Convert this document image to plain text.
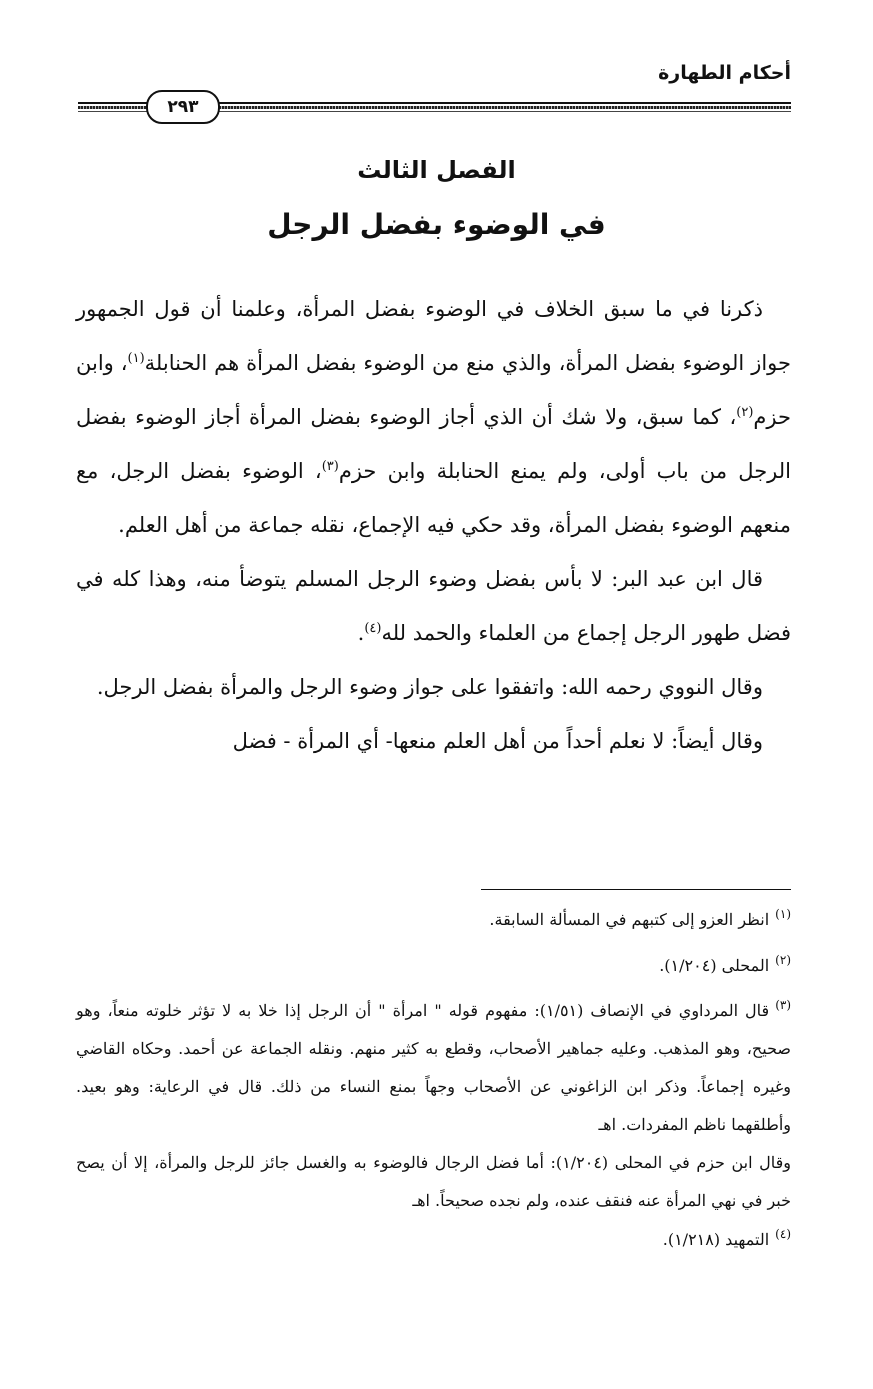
أحكام الطهارة
٢٩٣
الفصل الثالث
في الوضوء بفضل الرجل

ذكرنا في ما سبق الخلاف في الوضوء بفضل المرأة، وعلمنا أن قول الجمهور جواز الوضوء بفضل المرأة، والذي منع من الوضوء بفضل المرأة هم الحنابلة$^{(١)}$، وابن حزم$^{(٢)}$، كما سبق، ولا شك أن الذي أجاز الوضوء بفضل المرأة أجاز الوضوء بفضل الرجل من باب أولى، ولم يمنع الحنابلة وابن حزم$^{(٣)}$، الوضوء بفضل الرجل، مع منعهم الوضوء بفضل المرأة، وقد حكي فيه الإجماع، نقله جماعة من أهل العلم.

قال ابن عبد البر: لا بأس بفضل وضوء الرجل المسلم يتوضأ منه، وهذا كله في فضل طهور الرجل إجماع من العلماء والحمد لله$^{(٤)}$.

وقال النووي رحمه الله: واتفقوا على جواز وضوء الرجل والمرأة بفضل الرجل.

وقال أيضاً: لا نعلم أحداً من أهل العلم منعها- أي المرأة - فضل

$^{(١)}$انظر العزو إلى كتبهم في المسألة السابقة.

$^{(٢)}$المحلى (١/٢٠٤).

$^{(٣)}$قال المرداوي في الإنصاف (١/٥١): مفهوم قوله " امرأة " أن الرجل إذا خلا به لا تؤثر خلوته منعاً، وهو صحيح، وهو المذهب. وعليه جماهير الأصحاب، وقطع به كثير منهم. ونقله الجماعة عن أحمد. وحكاه القاضي وغيره إجماعاً. وذكر ابن الزاغوني عن الأصحاب وجهاً بمنع النساء من ذلك. قال في الرعاية: وهو بعيد. وأطلقهما ناظم المفردات. اهـ

وقال ابن حزم في المحلى (١/٢٠٤): أما فضل الرجال فالوضوء به والغسل جائز للرجل والمرأة، إلا أن يصح خبر في نهي المرأة عنه فنقف عنده، ولم نجده صحيحاً. اهـ

$^{(٤)}$التمهيد (١/٢١٨).
